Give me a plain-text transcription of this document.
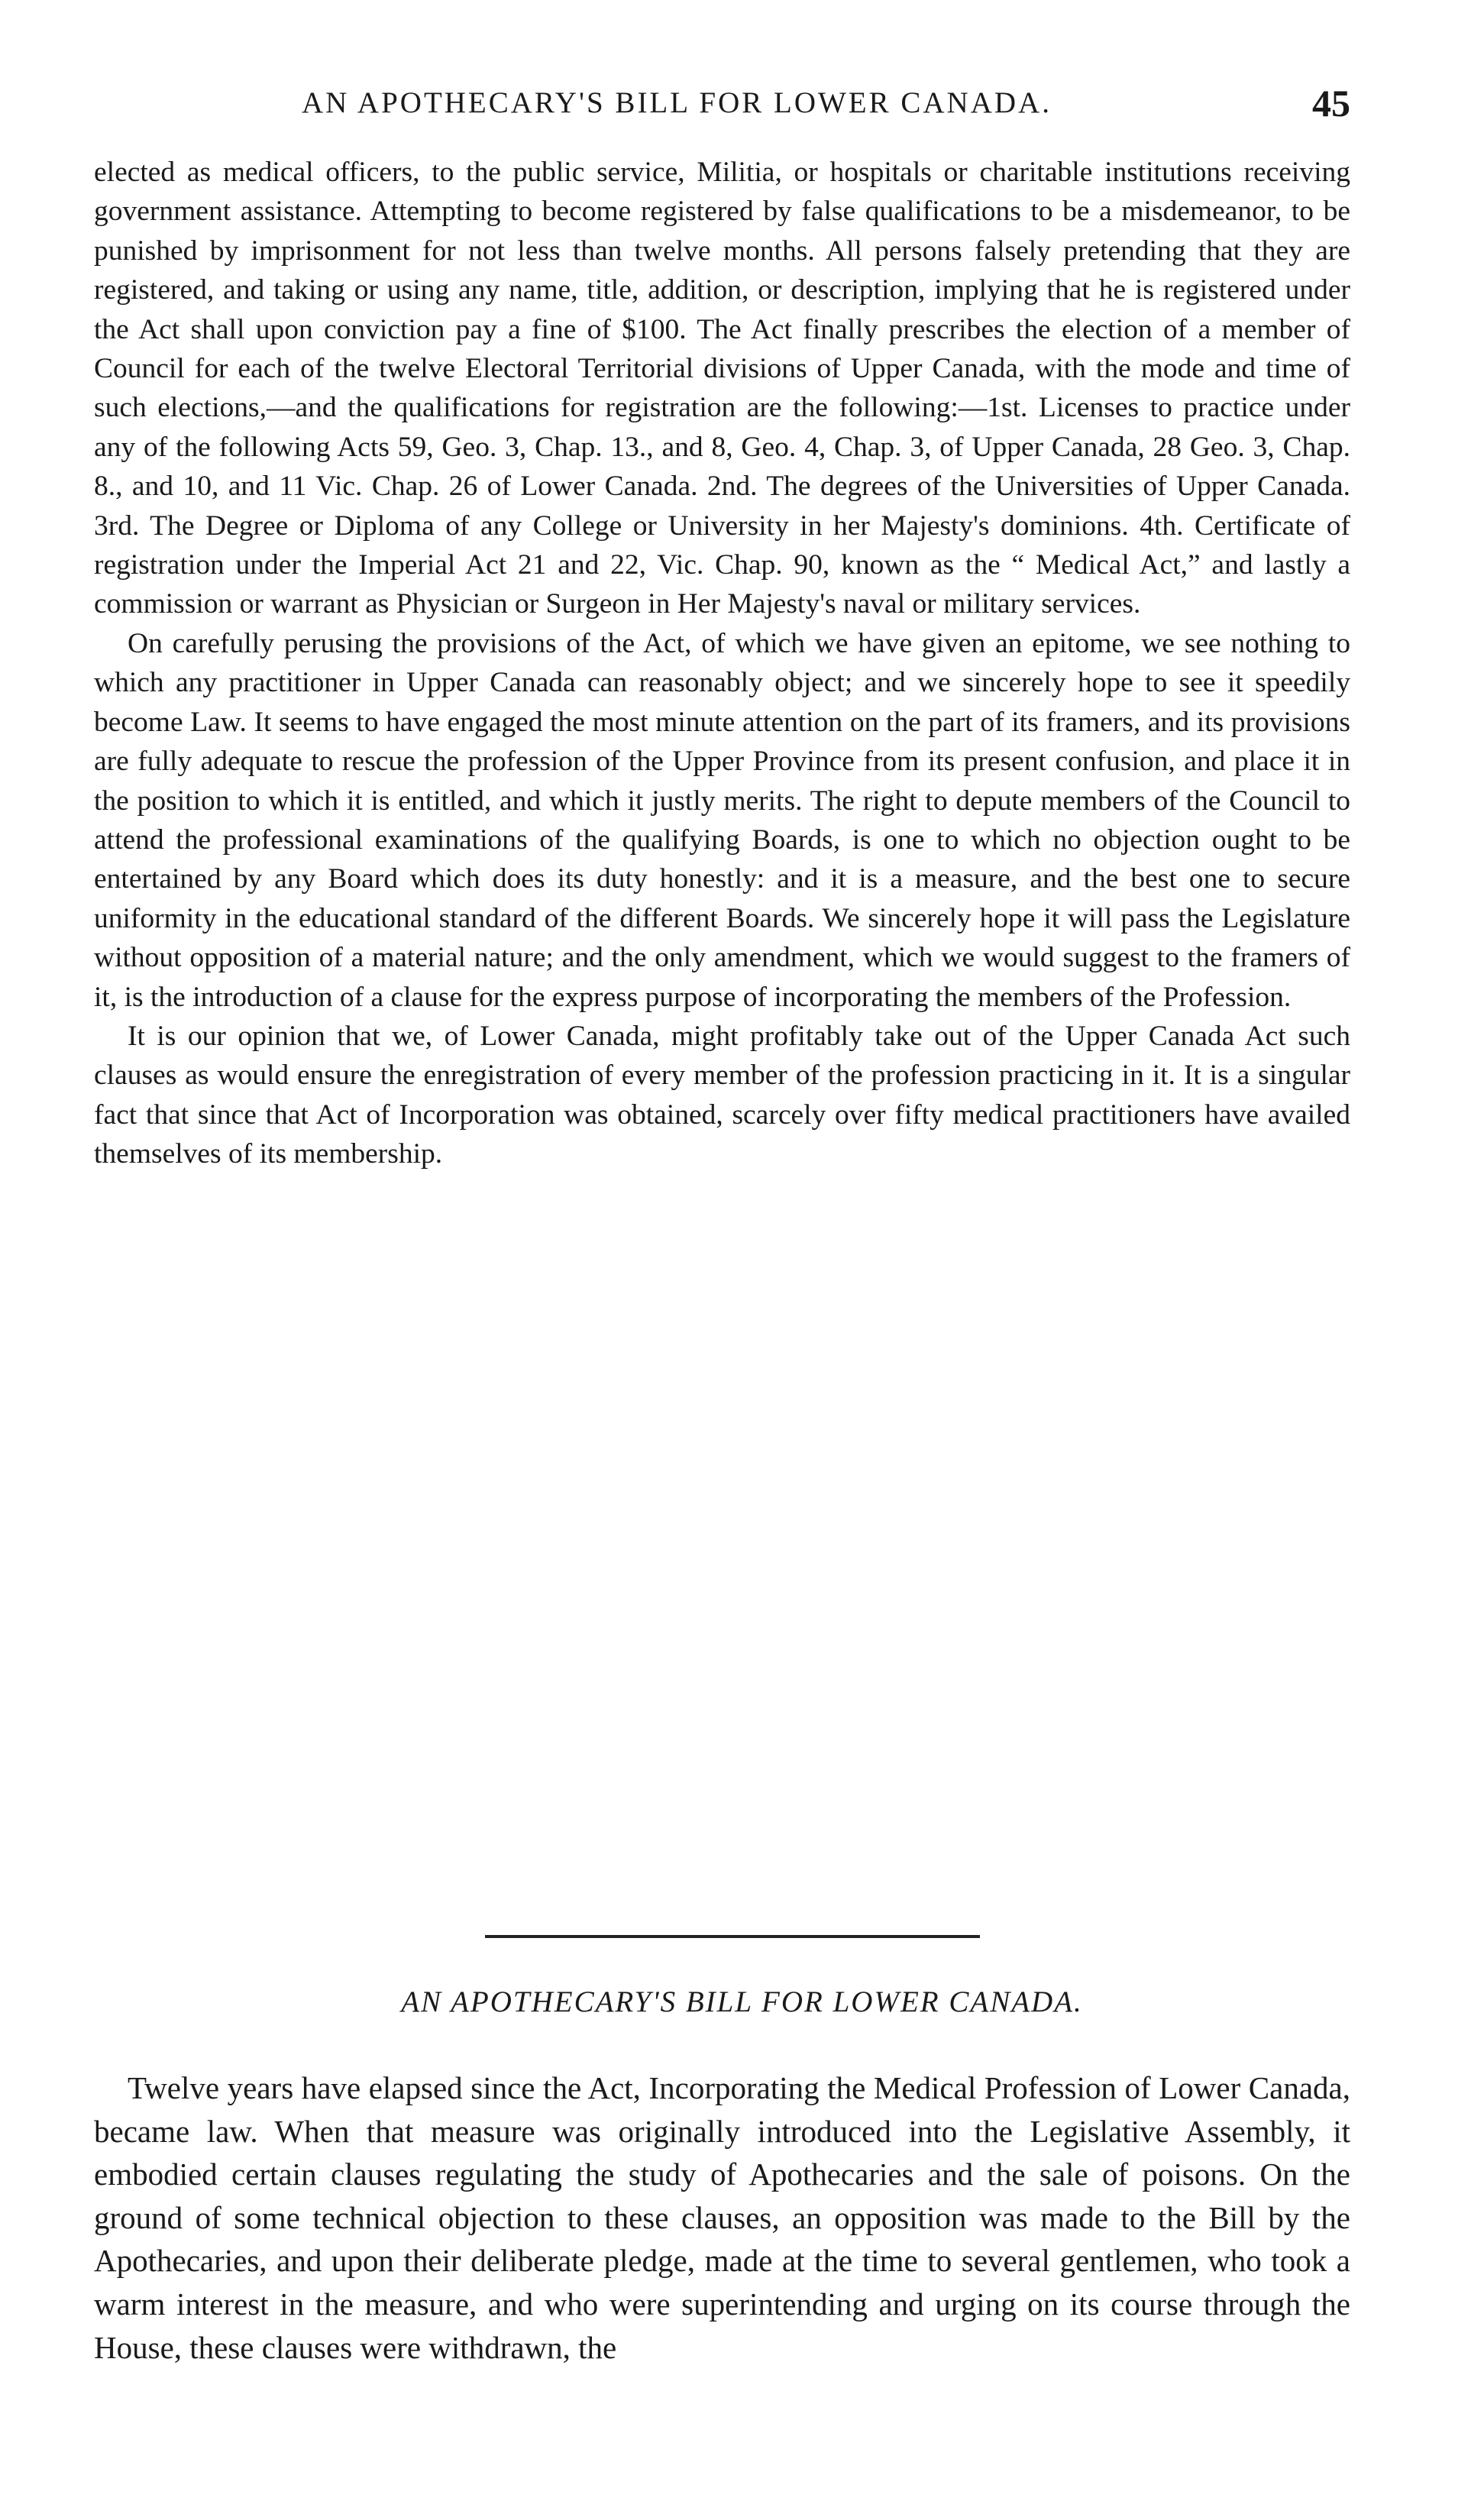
AN APOTHECARY'S BILL FOR LOWER CANADA.	45

elected as medical officers, to the public service, Militia, or hospitals or charitable institutions receiving government assistance. Attempting to become registered by false qualifications to be a misdemeanor, to be punished by imprisonment for not less than twelve months. All persons falsely pretending that they are registered, and taking or using any name, title, addition, or description, implying that he is registered under the Act shall upon conviction pay a fine of $100. The Act finally prescribes the election of a member of Council for each of the twelve Electoral Territorial divisions of Upper Canada, with the mode and time of such elections,—and the qualifications for registration are the following:—1st. Licenses to practice under any of the following Acts 59, Geo. 3, Chap. 13., and 8, Geo. 4, Chap. 3, of Upper Canada, 28 Geo. 3, Chap. 8., and 10, and 11 Vic. Chap. 26 of Lower Canada. 2nd. The degrees of the Universities of Upper Canada. 3rd. The Degree or Diploma of any College or University in her Majesty's dominions. 4th. Certificate of registration under the Imperial Act 21 and 22, Vic. Chap. 90, known as the “ Medical Act,” and lastly a commission or warrant as Physician or Surgeon in Her Majesty's naval or military services.

On carefully perusing the provisions of the Act, of which we have given an epitome, we see nothing to which any practitioner in Upper Canada can reasonably object; and we sincerely hope to see it speedily become Law. It seems to have engaged the most minute attention on the part of its framers, and its provisions are fully adequate to rescue the profession of the Upper Province from its present confusion, and place it in the position to which it is entitled, and which it justly merits. The right to depute members of the Council to attend the professional examinations of the qualifying Boards, is one to which no objection ought to be entertained by any Board which does its duty honestly: and it is a measure, and the best one to secure uniformity in the educational standard of the different Boards. We sincerely hope it will pass the Legislature without opposition of a material nature; and the only amendment, which we would suggest to the framers of it, is the introduction of a clause for the express purpose of incorporating the members of the Profession.

It is our opinion that we, of Lower Canada, might profitably take out of the Upper Canada Act such clauses as would ensure the enregistration of every member of the profession practicing in it. It is a singular fact that since that Act of Incorporation was obtained, scarcely over fifty medical practitioners have availed themselves of its membership.

AN APOTHECARY'S BILL FOR LOWER CANADA.

Twelve years have elapsed since the Act, Incorporating the Medical Profession of Lower Canada, became law. When that measure was originally introduced into the Legislative Assembly, it embodied certain clauses regulating the study of Apothecaries and the sale of poisons. On the ground of some technical objection to these clauses, an opposition was made to the Bill by the Apothecaries, and upon their deliberate pledge, made at the time to several gentlemen, who took a warm interest in the measure, and who were superintending and urging on its course through the House, these clauses were withdrawn, the
